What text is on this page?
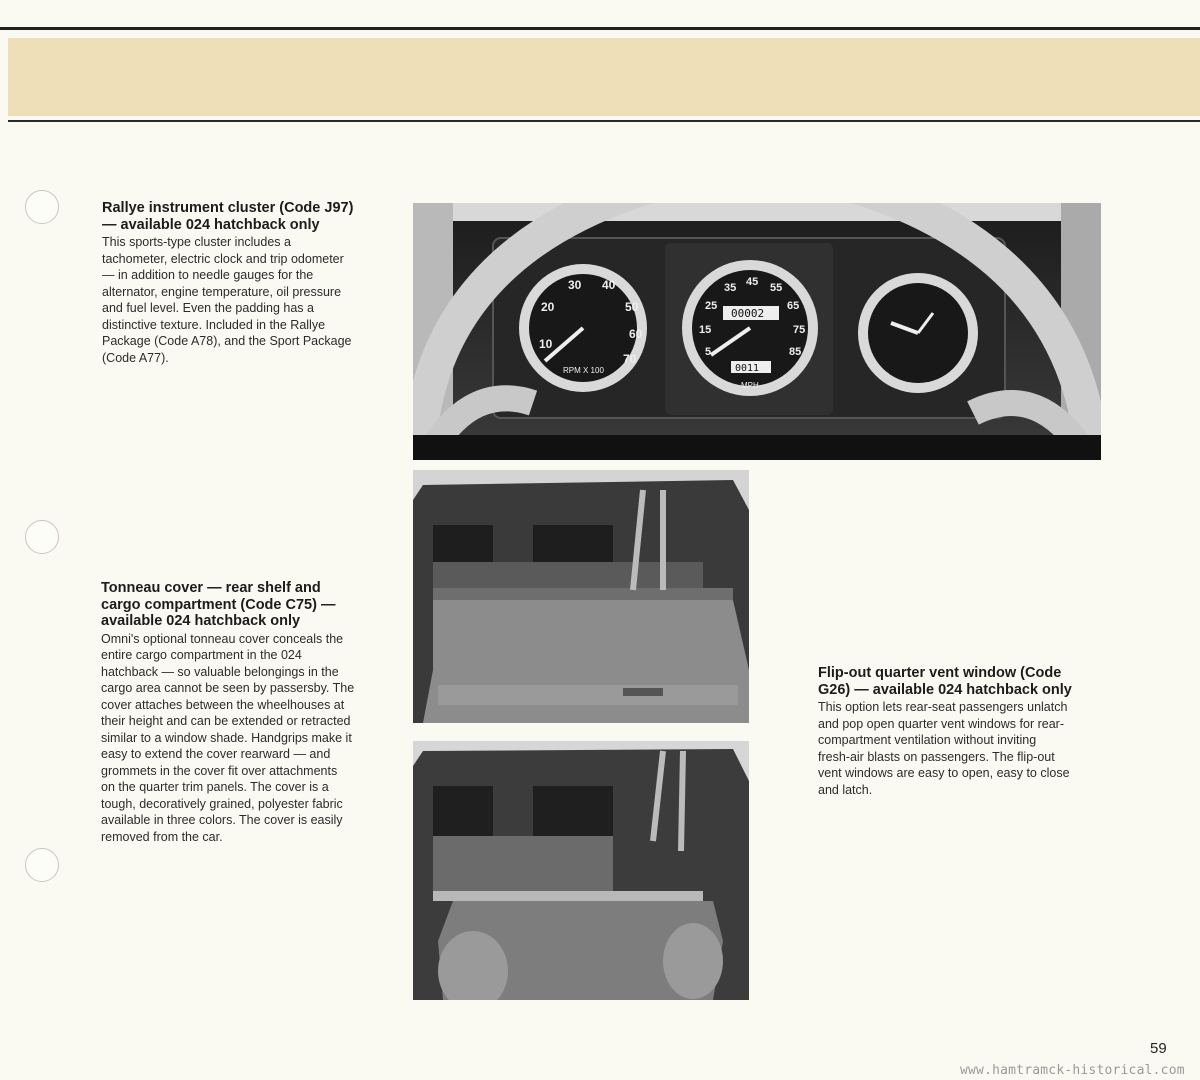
Rallye instrument cluster (Code J97)
— available 024 hatchback only

This sports-type cluster includes a
tachometer, electric clock and trip odometer
— in addition to needle gauges for the
alternator, engine temperature, oil pressure
and fuel level. Even the padding has a
distinctive texture. Included in the Rallye
Package (Code A78), and the Sport Package
(Code A77).

Tonneau cover — rear shelf and
cargo compartment (Code C75) —
available 024 hatchback only

Omni's optional tonneau cover conceals the
entire cargo compartment in the 024
hatchback — so valuable belongings in the
cargo area cannot be seen by passersby. The
cover attaches between the wheelhouses at
their height and can be extended or retracted
similar to a window shade. Handgrips make it
easy to extend the cover rearward — and
grommets in the cover fit over attachments
on the quarter trim panels. The cover is a
tough, decoratively grained, polyester fabric
available in three colors. The cover is easily
removed from the car.

Flip-out quarter vent window (Code
G26) — available 024 hatchback only

This option lets rear-seat passengers unlatch
and pop open quarter vent windows for rear-
compartment ventilation without inviting
fresh-air blasts on passengers. The flip-out
vent windows are easy to open, easy to close
and latch.

10
20
30 40
50
60
70
RPM X 100
5
15
25
35 45 55
65
75
85
00002
0011
MPH
59
www.hamtramck-historical.com
